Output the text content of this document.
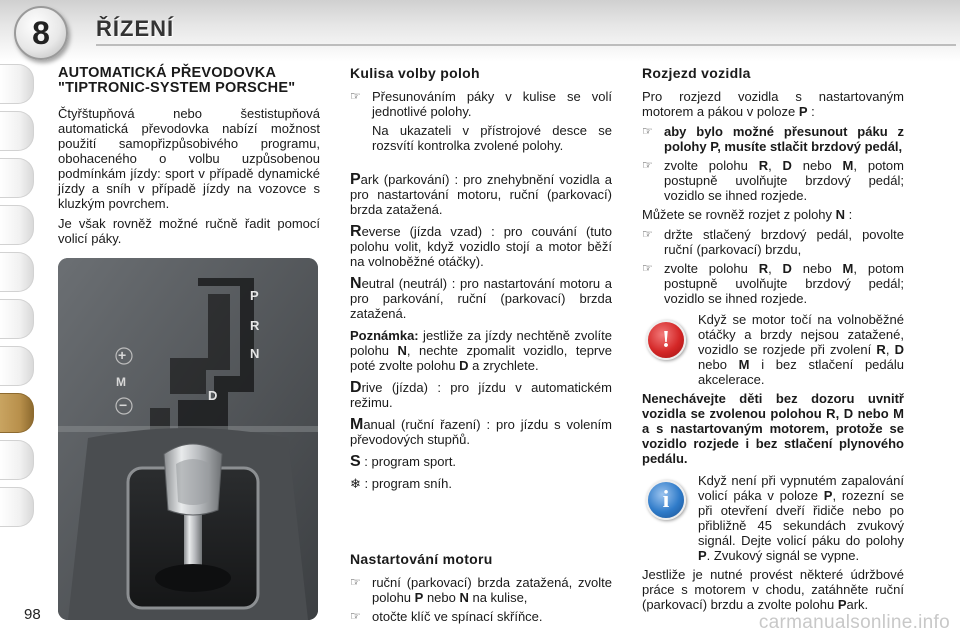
8	ŘÍZENÍ
98
AUTOMATICKÁ PŘEVODOVKA "TIPTRONIC-SYSTEM PORSCHE"

Čtyřštupňová nebo šestistupňová automatická převodovka nabízí možnost použití samopřizpůsobivého programu, obohaceného o volbu uzpůsobenou podmínkám jízdy: sport v případě dynamické jízdy a sníh v případě jízdy na vozovce s kluzkým povrchem.

Je však rovněž možné ručně řadit pomocí volicí páky.

P
R
N
D
+
M
−
Kulisa volby poloh
☞ Přesunováním páky v kulise se volí jednotlivé polohy.

Na ukazateli v přístrojové desce se rozsvítí kontrolka zvolené polohy.

Park (parkování) : pro znehybnění vozidla a pro nastartování motoru, ruční (parkovací) brzda zatažená.
Reverse (jízda vzad) : pro couvání (tuto polohu volit, když vozidlo stojí a motor běží na volnoběžné otáčky).
Neutral (neutrál) : pro nastartování motoru a pro parkování, ruční (parkovací) brzda zatažená.
Poznámka: jestliže za jízdy nechtěně zvolíte polohu N, nechte zpomalit vozidlo, teprve poté zvolte polohu D a zrychlete.
Drive (jízda) : pro jízdu v automatickém režimu.
Manual (ruční řazení) : pro jízdu s volením převodových stupňů.
S : program sport.
❄ : program sníh.
Nastartování motoru
☞ ruční (parkovací) brzda zatažená, zvolte polohu P nebo N na kulise,
☞ otočte klíč ve spínací skříňce.
Rozjezd vozidla

Pro rozjezd vozidla s nastartovaným motorem a pákou v poloze P :

☞ aby bylo možné přesunout páku z polohy P, musíte stlačit brzdový pedál,
☞ zvolte polohu R, D nebo M, potom postupně uvolňujte brzdový pedál; vozidlo se ihned rozjede.

Můžete se rovněž rozjet z polohy N :

☞ držte stlačený brzdový pedál, povolte ruční (parkovací) brzdu,
☞ zvolte polohu R, D nebo M, potom postupně uvolňujte brzdový pedál; vozidlo se ihned rozjede.
!

Když se motor točí na volnoběžné otáčky a brzdy nejsou zatažené, vozidlo se rozjede při zvolení R, D nebo M i bez stlačení pedálu akcelerace.

Nenechávejte děti bez dozoru uvnitř vozidla se zvolenou polohou R, D nebo M a s nastartovaným motorem, protože se vozidlo rozjede i bez stlačení plynového pedálu.

i

Když není při vypnutém zapalování volicí páka v poloze P, rozezní se při otevření dveří řidiče nebo po přibližně 45 sekundách zvukový signál. Dejte volicí páku do polohy P. Zvukový signál se vypne.

Jestliže je nutné provést některé údržbové práce s motorem v chodu, zatáhněte ruční (parkovací) brzdu a zvolte polohu Park.

carmanualsonline.info
